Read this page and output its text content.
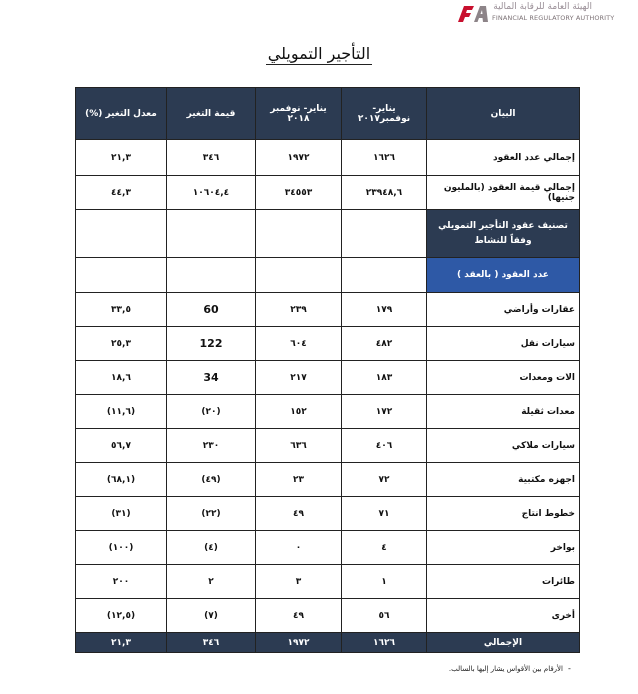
الهيئة العامة للرقابة المالية
FINANCIAL REGULATORY AUTHORITY
التأجير التمويلي
البيان	يناير- نوفمبر٢٠١٧	يناير- نوفمبر ٢٠١٨	قيمة التغير	معدل التغير (%)
إجمالي عدد العقود	١٦٢٦	١٩٧٢	٣٤٦	٢١,٣
إجمالي قيمة العقود (بالمليون جنيها)	٢٣٩٤٨,٦	٣٤٥٥٣	١٠٦٠٤,٤	٤٤,٣
تصنيف عقود التأجير التمويلي وفقاً للنشاط				
عدد العقود ( بالعقد )				
عقارات وأراضي	١٧٩	٢٣٩	60	٣٣,٥
سيارات نقل	٤٨٢	٦٠٤	122	٢٥,٣
الات ومعدات	١٨٣	٢١٧	34	١٨,٦
معدات ثقيلة	١٧٢	١٥٢	(٢٠)	(١١,٦)
سيارات ملاكي	٤٠٦	٦٣٦	٢٣٠	٥٦,٧
اجهزه مكتبية	٧٢	٢٣	(٤٩)	(٦٨,١)
خطوط انتاج	٧١	٤٩	(٢٢)	(٣١)
بواخر	٤	٠	(٤)	(١٠٠)
طائرات	١	٣	٢	٢٠٠
أخرى	٥٦	٤٩	(٧)	(١٢,٥)
الإجمالي	١٦٢٦	١٩٧٢	٣٤٦	٢١,٣
-
الأرقام بين الأقواس يشار إليها بالسالب.
